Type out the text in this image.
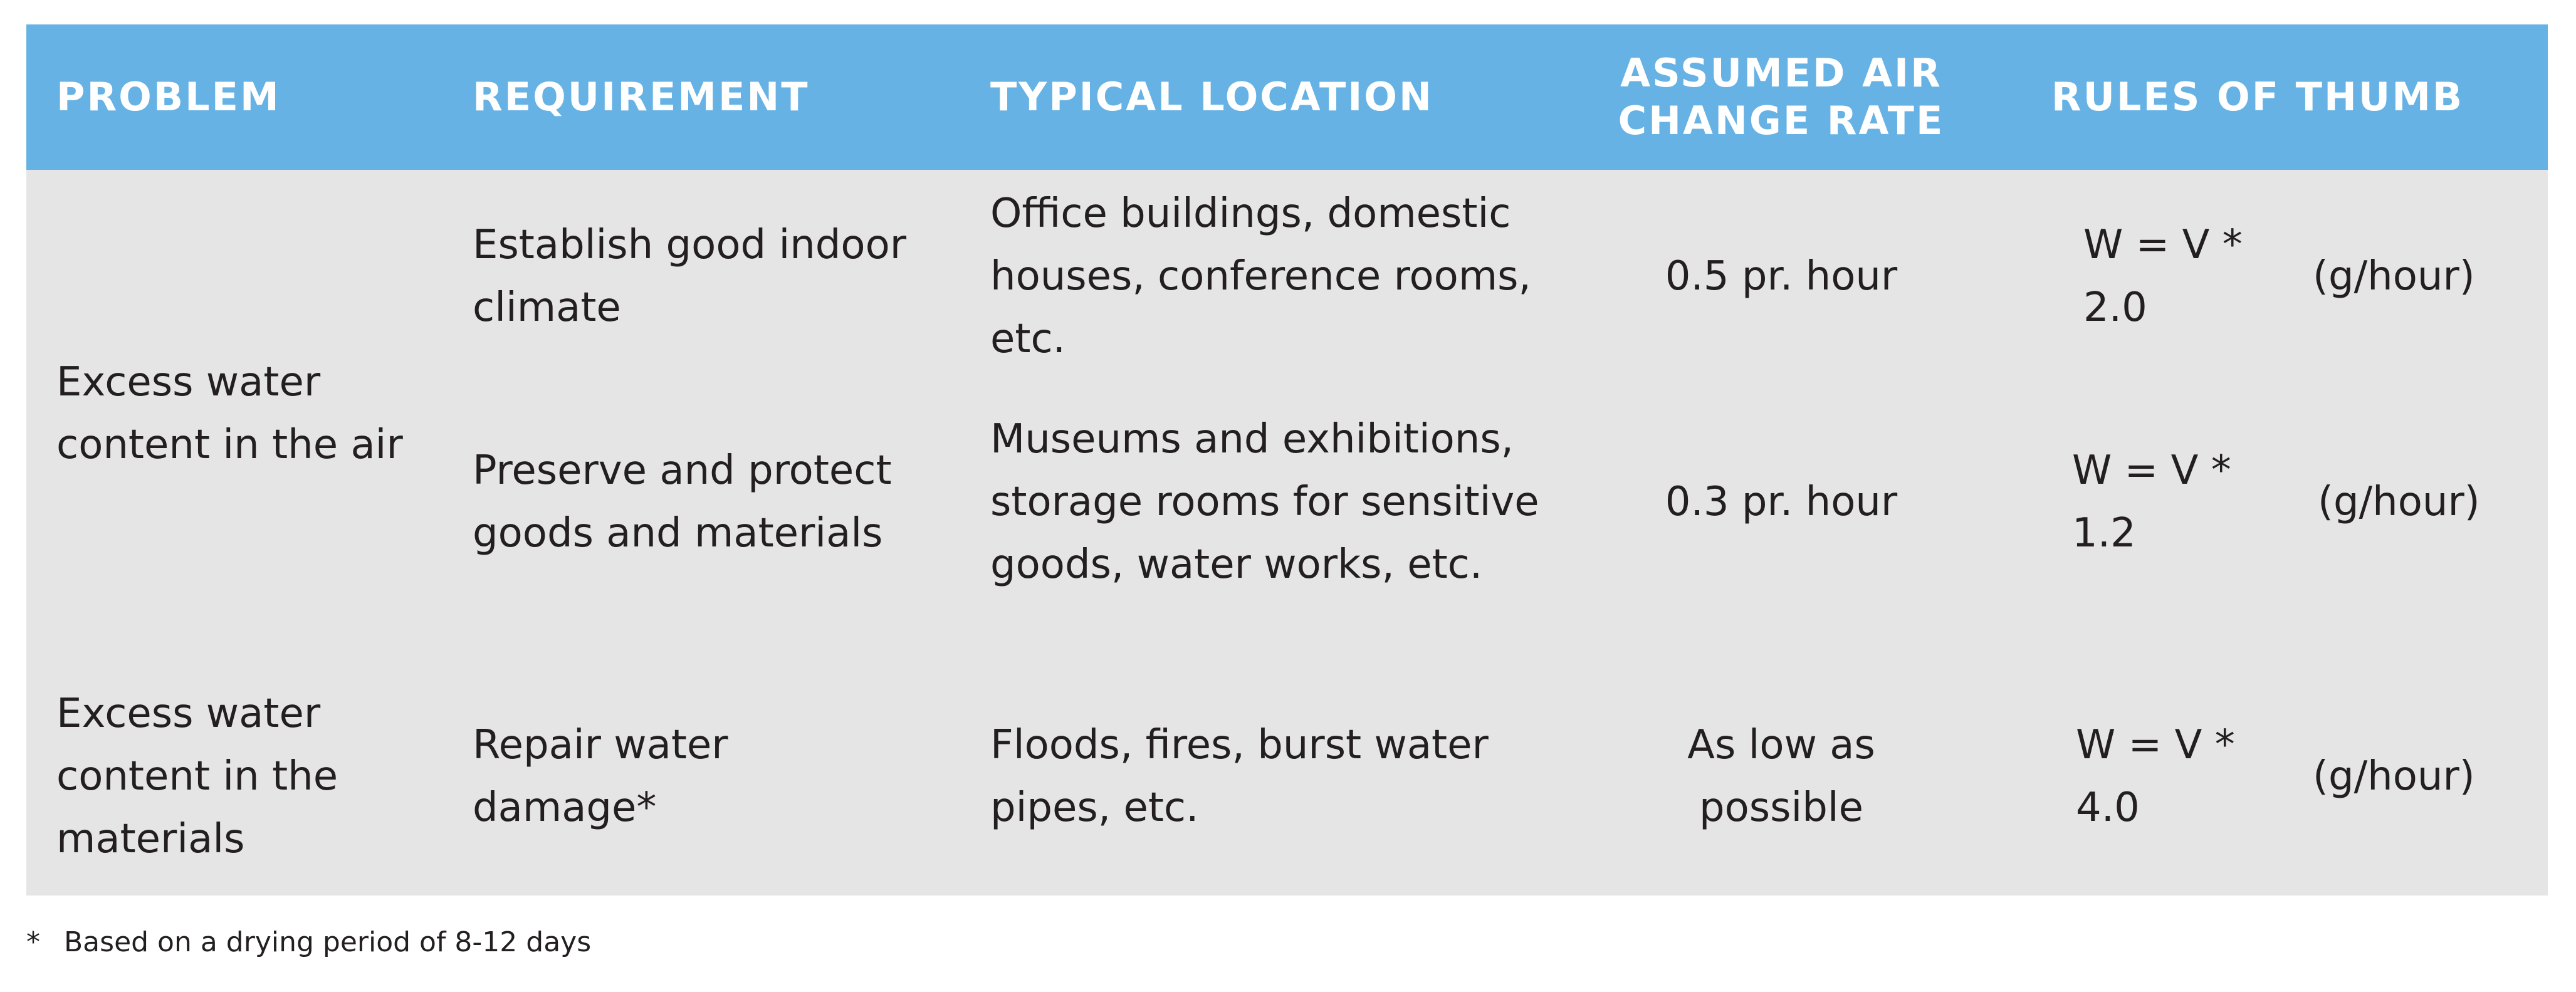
PROBLEM	REQUIREMENT	TYPICAL LOCATION
ASSUMED AIR CHANGE RATE
RULES OF THUMB
Excess water content in the air
Excess water content in the materials
Establish good indoor climate
Office buildings, domestic houses, conference rooms, etc.
0.5 pr. hour
W = V * 2.0
(g/hour)
Preserve and protect goods and materials
Museums and exhibitions, storage rooms for sensitive goods, water works, etc.
0.3 pr. hour
W = V * 1.2
(g/hour)
Repair water damage*
Floods, fires, burst water pipes, etc.
As low as possible
W = V * 4.0
(g/hour)
* Based on a drying period of 8-12 days
